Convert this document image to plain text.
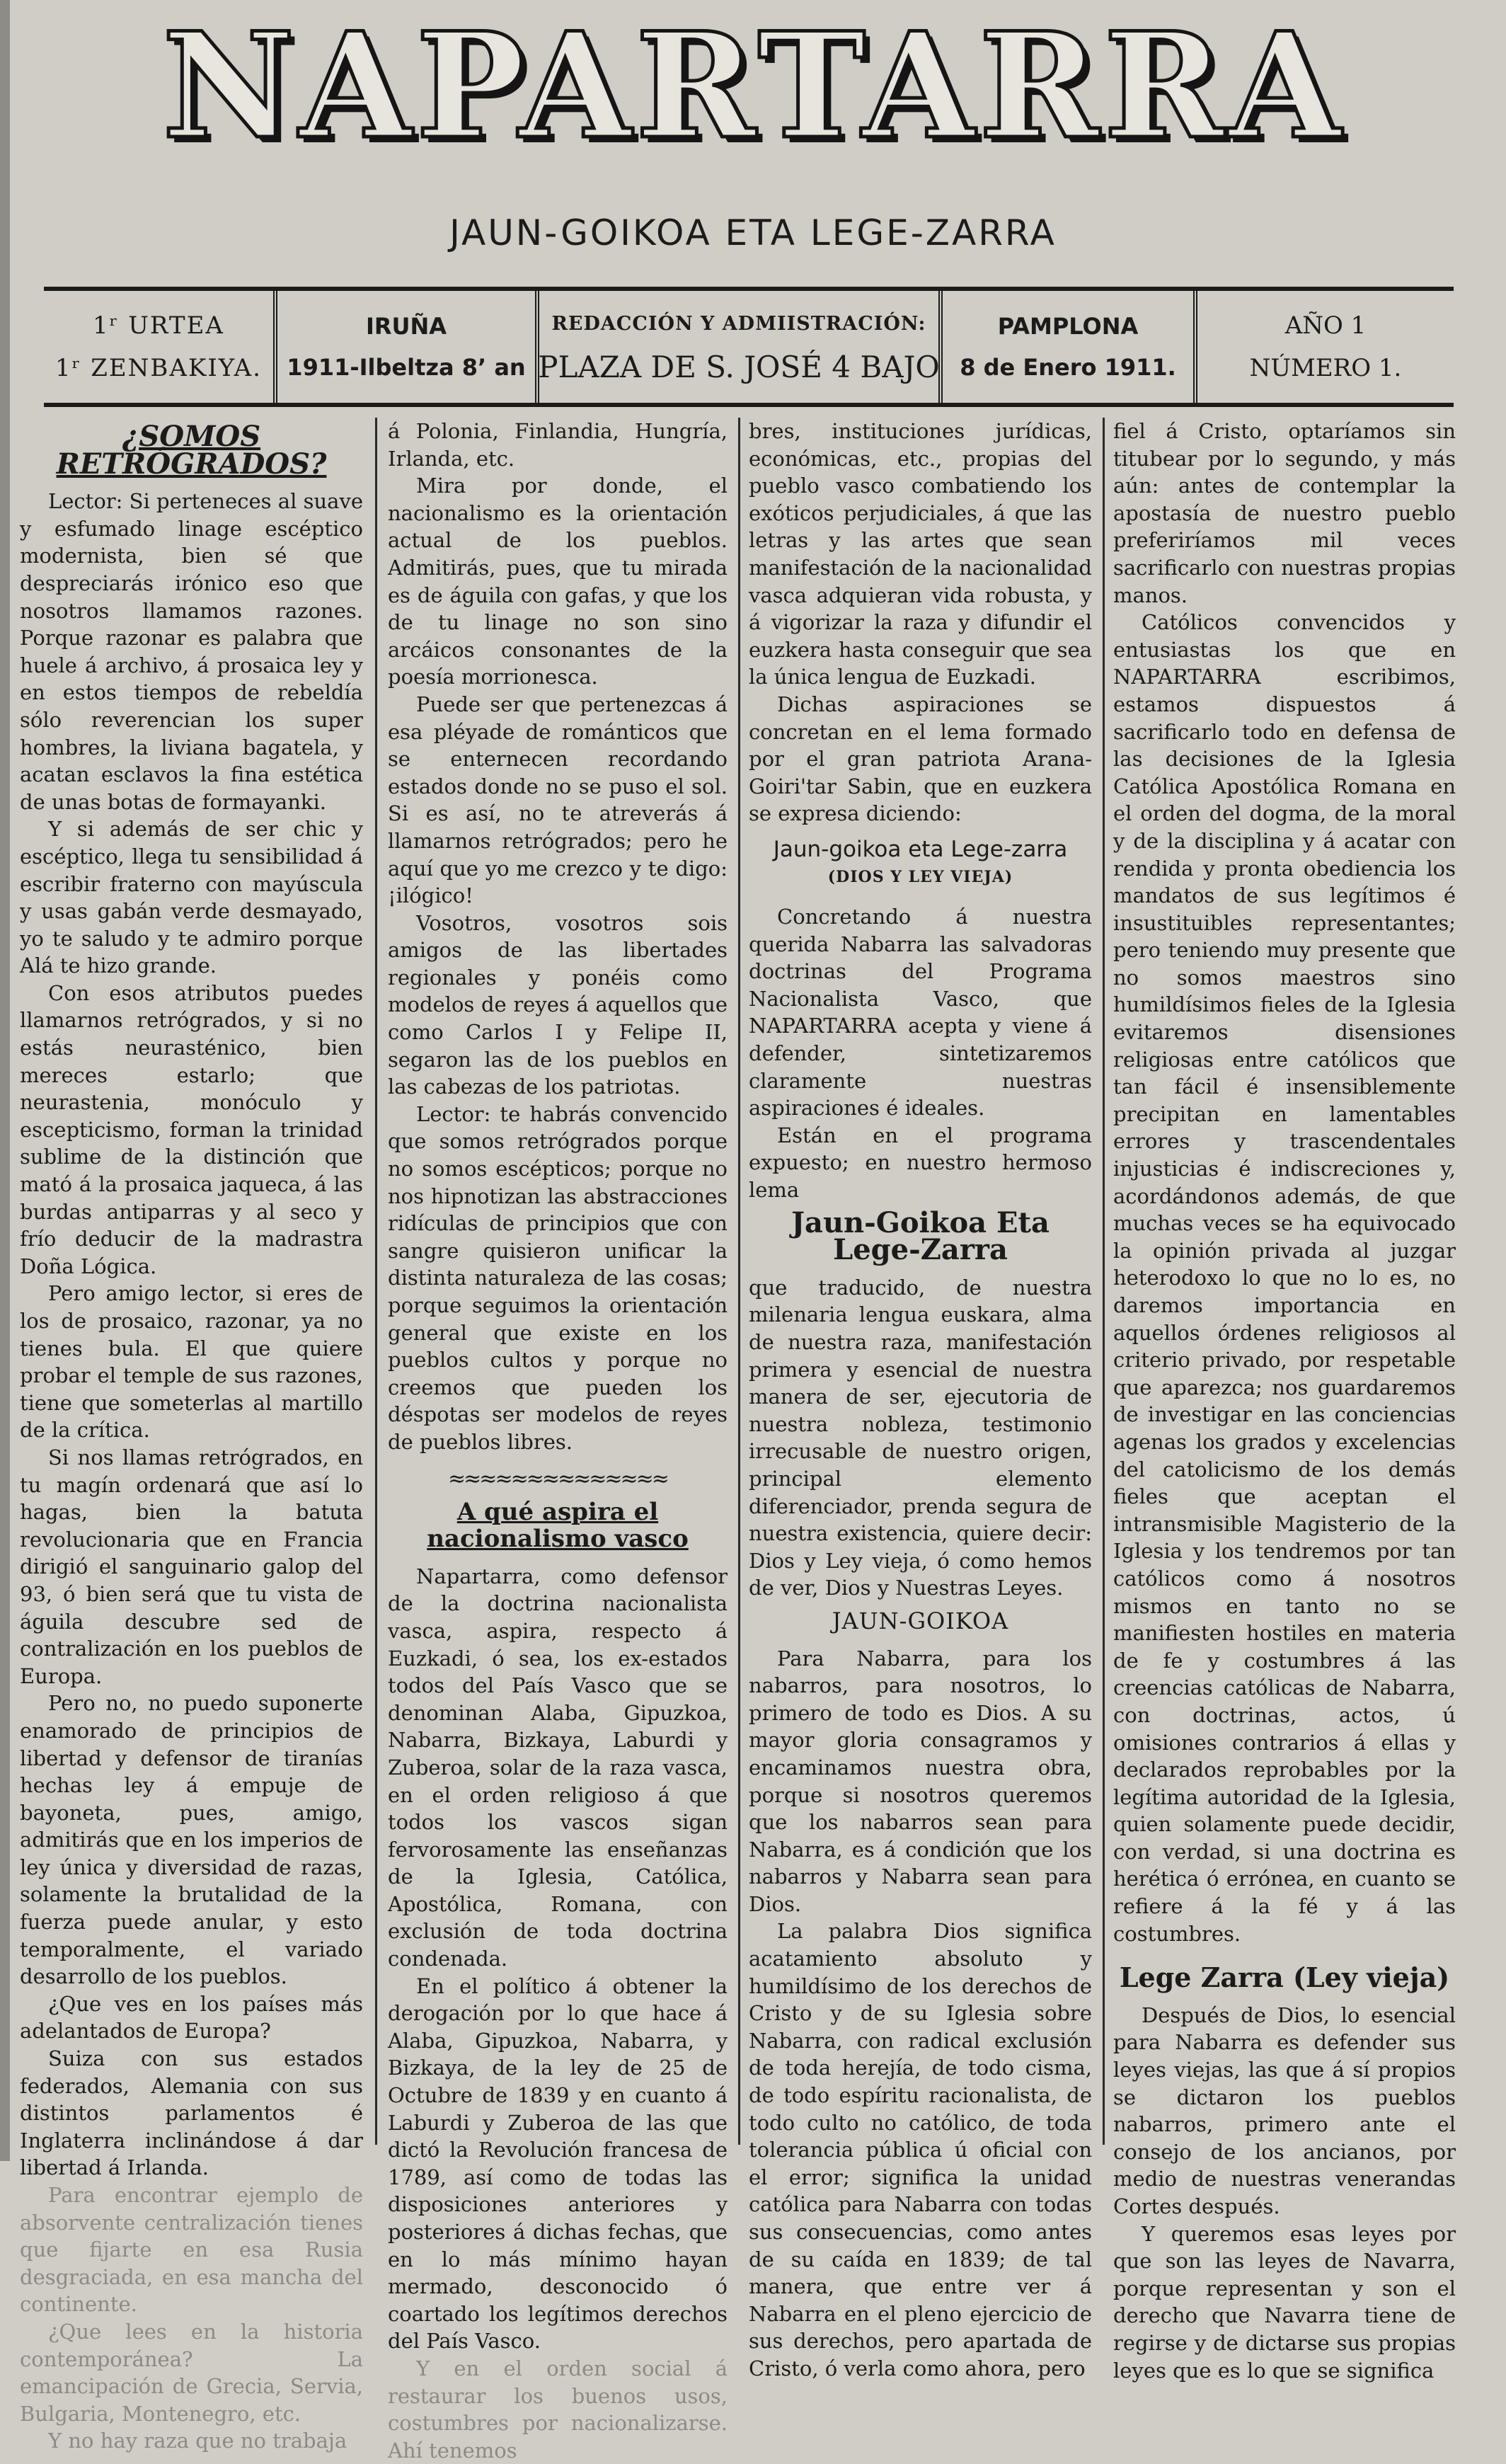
NAPARTARRA
JAUN-GOIKOA ETA LEGE-ZARRA
1ʳ URTEA
1ʳ ZENBAKIYA.
IRUÑA
1911-Ilbeltza 8ʼ an
REDACCIÓN Y ADMIISTRACIÓN:
PLAZA DE S. JOSÉ 4 BAJO
PAMPLONA
8 de Enero 1911.
AÑO 1
NÚMERO 1.
¿SOMOS RETRÓGRADOS?

Lector: Si perteneces al suave y esfumado linage escéptico modernista, bien sé que despreciarás irónico eso que nosotros llamamos razones. Porque razonar es palabra que huele á archivo, á prosaica ley y en estos tiempos de rebeldía sólo reverencian los super hombres, la liviana bagatela, y acatan esclavos la fina estética de unas botas de formayanki.

Y si además de ser chic y escéptico, llega tu sensibilidad á escribir fraterno con mayúscula y usas gabán verde desmayado, yo te saludo y te admiro porque Alá te hizo grande.

Con esos atributos puedes llamarnos retrógrados, y si no estás neurasténico, bien mereces estarlo; que neurastenia, monóculo y escepticismo, forman la trinidad sublime de la distinción que mató á la prosaica jaqueca, á las burdas antiparras y al seco y frío deducir de la madrastra Doña Lógica.

Pero amigo lector, si eres de los de prosaico, razonar, ya no tienes bula. El que quiere probar el temple de sus razones, tiene que someterlas al martillo de la crítica.

Si nos llamas retrógrados, en tu magín ordenará que así lo hagas, bien la batuta revolucionaria que en Francia dirigió el sanguinario galop del 93, ó bien será que tu vista de águila descubre sed de contralización en los pueblos de Europa.

Pero no, no puedo suponerte enamorado de principios de libertad y defensor de tiranías hechas ley á empuje de bayoneta, pues, amigo, admitirás que en los imperios de ley única y diversidad de razas, solamente la brutalidad de la fuerza puede anular, y esto temporalmente, el variado desarrollo de los pueblos.

¿Que ves en los países más adelantados de Europa?

Suiza con sus estados federados, Alemania con sus distintos parlamentos é Inglaterra inclinándose á dar libertad á Irlanda.

Para encontrar ejemplo de absorvente centralización tienes que fijarte en esa Rusia desgraciada, en esa mancha del continente.

¿Que lees en la historia contemporánea? La emancipación de Grecia, Servia, Bulgaria, Montenegro, etc.

Y no hay raza que no trabaja

á Polonia, Finlandia, Hungría, Irlanda, etc.

Mira por donde, el nacionalismo es la orientación actual de los pueblos. Admitirás, pues, que tu mirada es de águila con gafas, y que los de tu linage no son sino arcáicos consonantes de la poesía morrionesca.

Puede ser que pertenezcas á esa pléyade de románticos que se enternecen recordando estados donde no se puso el sol. Si es así, no te atreverás á llamarnos retrógrados; pero he aquí que yo me crezco y te digo: ¡ilógico!

Vosotros, vosotros sois amigos de las libertades regionales y ponéis como modelos de reyes á aquellos que como Carlos I y Felipe II, segaron las de los pueblos en las cabezas de los patriotas.

Lector: te habrás convencido que somos retrógrados porque no somos escépticos; porque no nos hipnotizan las abstracciones ridículas de principios que con sangre quisieron unificar la distinta naturaleza de las cosas; porque seguimos la orientación general que existe en los pueblos cultos y porque no creemos que pueden los déspotas ser modelos de reyes de pueblos libres.

≈≈≈≈≈≈≈≈≈≈≈≈≈≈
A qué aspira el nacionalismo vasco

Napartarra, como defensor de la doctrina nacionalista vasca, aspira, respecto á Euzkadi, ó sea, los ex-estados todos del País Vasco que se denominan Alaba, Gipuzkoa, Nabarra, Bizkaya, Laburdi y Zuberoa, solar de la raza vasca, en el orden religioso á que todos los vascos sigan fervorosamente las enseñanzas de la Iglesia, Católica, Apostólica, Romana, con exclusión de toda doctrina condenada.

En el político á obtener la derogación por lo que hace á Alaba, Gipuzkoa, Nabarra, y Bizkaya, de la ley de 25 de Octubre de 1839 y en cuanto á Laburdi y Zuberoa de las que dictó la Revolución francesa de 1789, así como de todas las disposiciones anteriores y posteriores á dichas fechas, que en lo más mínimo hayan mermado, desconocido ó coartado los legítimos derechos del País Vasco.

Y en el orden social á restaurar los buenos usos, costumbres por nacionalizarse. Ahí tenemos

bres, instituciones jurídicas, económicas, etc., propias del pueblo vasco combatiendo los exóticos perjudiciales, á que las letras y las artes que sean manifestación de la nacionalidad vasca adquieran vida robusta, y á vigorizar la raza y difundir el euzkera hasta conseguir que sea la única lengua de Euzkadi.

Dichas aspiraciones se concretan en el lema formado por el gran patriota Arana-Goiri'tar Sabin, que en euzkera se expresa diciendo:

Jaun-goikoa eta Lege-zarra
(DIOS Y LEY VIEJA)

Concretando á nuestra querida Nabarra las salvadoras doctrinas del Programa Nacionalista Vasco, que NAPARTARRA acepta y viene á defender, sintetizaremos claramente nuestras aspiraciones é ideales.

Están en el programa expuesto; en nuestro hermoso lema

Jaun-Goikoa Eta Lege-Zarra

que traducido, de nuestra milenaria lengua euskara, alma de nuestra raza, manifestación primera y esencial de nuestra manera de ser, ejecutoria de nuestra nobleza, testimonio irrecusable de nuestro origen, principal elemento diferenciador, prenda segura de nuestra existencia, quiere decir: Dios y Ley vieja, ó como hemos de ver, Dios y Nuestras Leyes.

JAUN-GOIKOA

Para Nabarra, para los nabarros, para nosotros, lo primero de todo es Dios. A su mayor gloria consagramos y encaminamos nuestra obra, porque si nosotros queremos que los nabarros sean para Nabarra, es á condición que los nabarros y Nabarra sean para Dios.

La palabra Dios significa acatamiento absoluto y humildísimo de los derechos de Cristo y de su Iglesia sobre Nabarra, con radical exclusión de toda herejía, de todo cisma, de todo espíritu racionalista, de todo culto no católico, de toda tolerancia pública ú oficial con el error; significa la unidad católica para Nabarra con todas sus consecuencias, como antes de su caída en 1839; de tal manera, que entre ver á Nabarra en el pleno ejercicio de sus derechos, pero apartada de Cristo, ó verla como ahora, pero

fiel á Cristo, optaríamos sin titubear por lo segundo, y más aún: antes de contemplar la apostasía de nuestro pueblo preferiríamos mil veces sacrificarlo con nuestras propias manos.

Católicos convencidos y entusiastas los que en NAPARTARRA escribimos, estamos dispuestos á sacrificarlo todo en defensa de las decisiones de la Iglesia Católica Apostólica Romana en el orden del dogma, de la moral y de la disciplina y á acatar con rendida y pronta obediencia los mandatos de sus legítimos é insustituibles representantes; pero teniendo muy presente que no somos maestros sino humildísimos fieles de la Iglesia evitaremos disensiones religiosas entre católicos que tan fácil é insensiblemente precipitan en lamentables errores y trascendentales injusticias é indiscreciones y, acordándonos además, de que muchas veces se ha equivocado la opinión privada al juzgar heterodoxo lo que no lo es, no daremos importancia en aquellos órdenes religiosos al criterio privado, por respetable que aparezca; nos guardaremos de investigar en las conciencias agenas los grados y excelencias del catolicismo de los demás fieles que aceptan el intransmisible Magisterio de la Iglesia y los tendremos por tan católicos como á nosotros mismos en tanto no se manifiesten hostiles en materia de fe y costumbres á las creencias católicas de Nabarra, con doctrinas, actos, ú omisiones contrarios á ellas y declarados reprobables por la legítima autoridad de la Iglesia, quien solamente puede decidir, con verdad, si una doctrina es herética ó errónea, en cuanto se refiere á la fé y á las costumbres.

Lege Zarra (Ley vieja)

Después de Dios, lo esencial para Nabarra es defender sus leyes viejas, las que á sí propios se dictaron los pueblos nabarros, primero ante el consejo de los ancianos, por medio de nuestras venerandas Cortes después.

Y queremos esas leyes por que son las leyes de Navarra, porque representan y son el derecho que Navarra tiene de regirse y de dictarse sus propias leyes que es lo que se significa
